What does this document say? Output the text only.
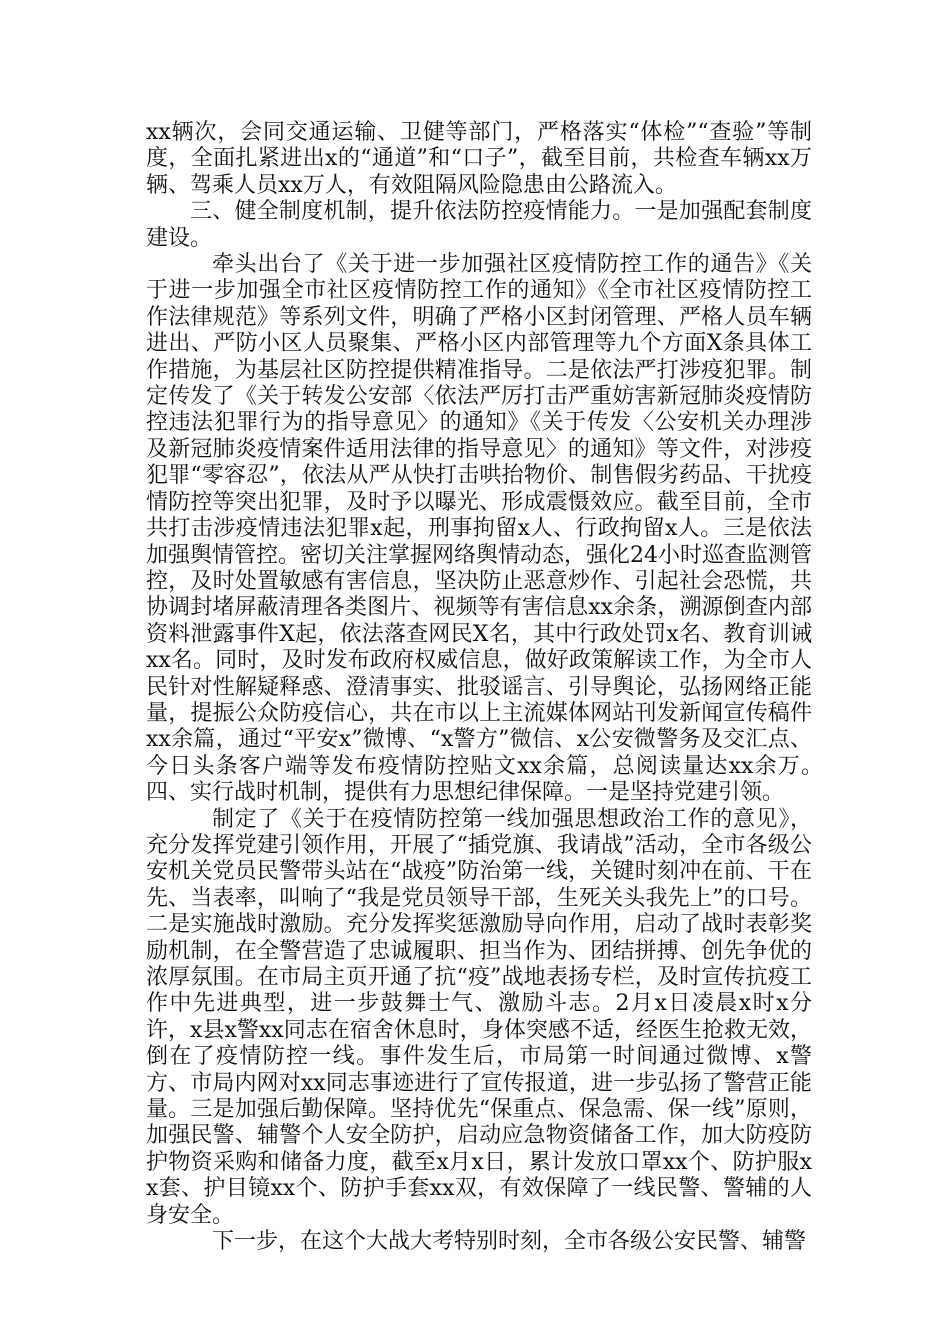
xx辆次，会同交通运输、卫健等部门，严格落实“体检”“查验”等制度，全面扎紧进出x的“通道”和“口子”，截至目前，共检查车辆xx万辆、驾乘人员xx万人，有效阻隔风险隐患由公路流入。

三、健全制度机制，提升依法防控疫情能力。一是加强配套制度建设。

牵头出台了《关于进一步加强社区疫情防控工作的通告》《关于进一步加强全市社区疫情防控工作的通知》《全市社区疫情防控工作法律规范》等系列文件，明确了严格小区封闭管理、严格人员车辆进出、严防小区人员聚集、严格小区内部管理等九个方面X条具体工作措施，为基层社区防控提供精准指导。二是依法严打涉疫犯罪。制定传发了《关于转发公安部〈依法严厉打击严重妨害新冠肺炎疫情防控违法犯罪行为的指导意见〉的通知》《关于传发〈公安机关办理涉及新冠肺炎疫情案件适用法律的指导意见〉的通知》等文件，对涉疫犯罪“零容忍”，依法从严从快打击哄抬物价、制售假劣药品、干扰疫情防控等突出犯罪，及时予以曝光、形成震慑效应。截至目前，全市共打击涉疫情违法犯罪x起，刑事拘留x人、行政拘留x人。三是依法加强舆情管控。密切关注掌握网络舆情动态，强化24小时巡查监测管控，及时处置敏感有害信息，坚决防止恶意炒作、引起社会恐慌，共协调封堵屏蔽清理各类图片、视频等有害信息xx余条，溯源倒查内部资料泄露事件X起，依法落查网民X名，其中行政处罚x名、教育训诫xx名。同时，及时发布政府权威信息，做好政策解读工作，为全市人民针对性解疑释惑、澄清事实、批驳谣言、引导舆论，弘扬网络正能量，提振公众防疫信心，共在市以上主流媒体网站刊发新闻宣传稿件xx余篇，通过“平安x”微博、“x警方”微信、x公安微警务及交汇点、今日头条客户端等发布疫情防控贴文xx余篇，总阅读量达xx余万。　　四、实行战时机制，提供有力思想纪律保障。一是坚持党建引领。

制定了《关于在疫情防控第一线加强思想政治工作的意见》，充分发挥党建引领作用，开展了“插党旗、我请战”活动，全市各级公安机关党员民警带头站在“战疫”防治第一线，关键时刻冲在前、干在先、当表率，叫响了“我是党员领导干部，生死关头我先上”的口号。二是实施战时激励。充分发挥奖惩激励导向作用，启动了战时表彰奖励机制，在全警营造了忠诚履职、担当作为、团结拼搏、创先争优的浓厚氛围。在市局主页开通了抗“疫”战地表扬专栏，及时宣传抗疫工作中先进典型，进一步鼓舞士气、激励斗志。2月x日凌晨x时x分许，x县x警xx同志在宿舍休息时，身体突感不适，经医生抢救无效，倒在了疫情防控一线。事件发生后，市局第一时间通过微博、x警方、市局内网对xx同志事迹进行了宣传报道，进一步弘扬了警营正能量。三是加强后勤保障。坚持优先“保重点、保急需、保一线”原则，加强民警、辅警个人安全防护，启动应急物资储备工作，加大防疫防护物资采购和储备力度，截至x月x日，累计发放口罩xx个、防护服xx套、护目镜xx个、防护手套xx双，有效保障了一线民警、警辅的人身安全。

下一步，在这个大战大考特别时刻，全市各级公安民警、辅警
